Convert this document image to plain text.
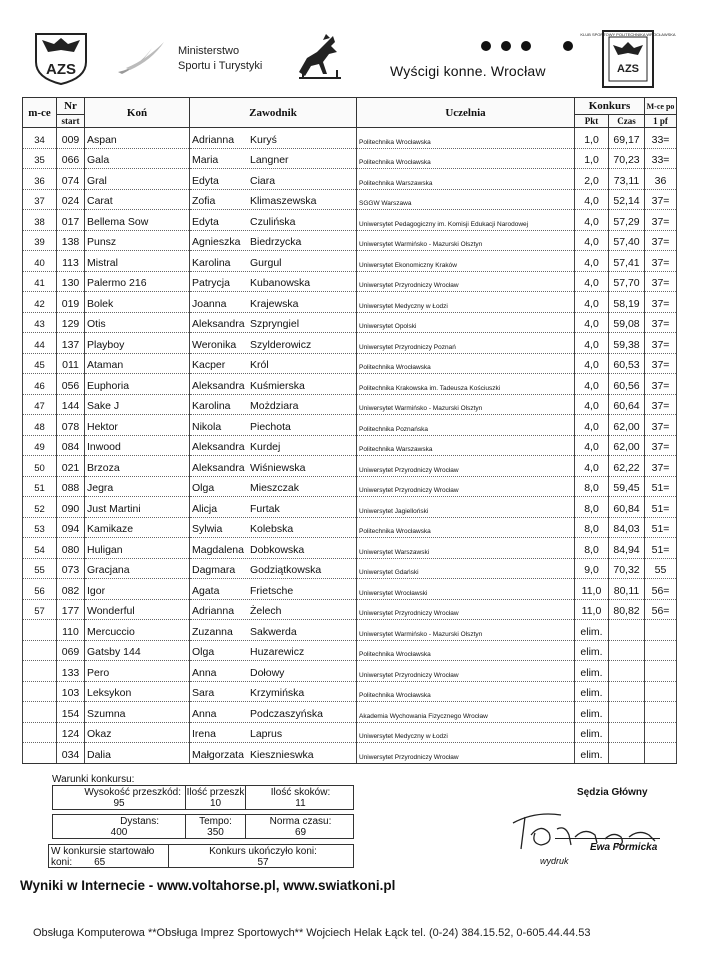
AZS
Ministerstwo
Sportu i Turystyki	Wyścigi konne. Wrocław
KLUB SPORTOWY POLITECHNIKA WROCŁAWSKA
AZS
m-ce	Nr	Koń	Zawodnik	Uczelnia	Konkurs		M-ce po	
	start				Pkt	Czas	1 pf	
34	009	Aspan	Adrianna Kuryś	Politechnika Wrocławska	1,0	69,17	33=	
35	066	Gala	Maria Langner	Politechnika Wrocławska	1,0	70,23	33=	
36	074	Gral	Edyta Ciara	Politechnika Warszawska	2,0	73,11	36	
37	024	Carat	Zofia Klimaszewska	SGGW Warszawa	4,0	52,14	37=	
38	017	Bellema Sow	Edyta Czulińska	Uniwersytet Pedagogiczny im. Komisji Edukacji Narodowej	4,0	57,29	37=	
39	138	Punsz	Agnieszka Biedrzycka	Uniwersytet Warmińsko - Mazurski Olsztyn	4,0	57,40	37=	
40	113	Mistral	Karolina Gurgul	Uniwersytet Ekonomiczny Kraków	4,0	57,41	37=	
41	130	Palermo 216	Patrycja Kubanowska	Uniwersytet Przyrodniczy Wrocław	4,0	57,70	37=	
42	019	Bolek	Joanna Krajewska	Uniwersytet Medyczny w Łodzi	4,0	58,19	37=	
43	129	Otis	Aleksandra Szpryngiel	Uniwersytet Opolski	4,0	59,08	37=	
44	137	Playboy	Weronika Szylderowicz	Uniwersytet Przyrodniczy Poznań	4,0	59,38	37=	
45	011	Ataman	Kacper Król	Politechnika Wrocławska	4,0	60,53	37=	
46	056	Euphoria	Aleksandra Kuśmierska	Politechnika Krakowska im. Tadeusza Kościuszki	4,0	60,56	37=	
47	144	Sake J	Karolina Możdziara	Uniwersytet Warmińsko - Mazurski Olsztyn	4,0	60,64	37=	
48	078	Hektor	Nikola Piechota	Politechnika Poznańska	4,0	62,00	37=	
49	084	Inwood	Aleksandra Kurdej	Politechnika Warszawska	4,0	62,00	37=	
50	021	Brzoza	Aleksandra Wiśniewska	Uniwersytet Przyrodniczy Wrocław	4,0	62,22	37=	
51	088	Jegra	Olga Mieszczak	Uniwersytet Przyrodniczy Wrocław	8,0	59,45	51=	
52	090	Just Martini	Alicja Furtak	Uniwersytet Jagielloński	8,0	60,84	51=	
53	094	Kamikaze	Sylwia Kolebska	Politechnika Wrocławska	8,0	84,03	51=	
54	080	Huligan	Magdalena Dobkowska	Uniwersytet Warszawski	8,0	84,94	51=	
55	073	Gracjana	Dagmara Godziątkowska	Uniwersytet Gdański	9,0	70,32	55	
56	082	Igor	Agata Frietsche	Uniwersytet Wrocławski	11,0	80,11	56=	
57	177	Wonderful	Adrianna Żelech	Uniwersytet Przyrodniczy Wrocław	11,0	80,82	56=	
	110	Mercuccio	Zuzanna Sakwerda	Uniwersytet Warmińsko - Mazurski Olsztyn	elim.			
	069	Gatsby 144	Olga Huzarewicz	Politechnika Wrocławska	elim.			
	133	Pero	Anna Dołowy	Uniwersytet Przyrodniczy Wrocław	elim.			
	103	Leksykon	Sara Krzymińska	Politechnika Wrocławska	elim.			
	154	Szumna	Anna Podczaszyńska	Akademia Wychowania Fizycznego Wrocław	elim.			
	124	Okaz	Irena Laprus	Uniwersytet Medyczny w Łodzi	elim.			
	034	Dalia	Małgorzata Kiesznieswka	Uniwersytet Przyrodniczy Wrocław	elim.			
Warunki konkursu:
Wysokość przeszkód:
95
Ilość przeszk
10
Ilość skoków:
11
Dystans:
400
Tempo:
350
Norma czasu:
69
W konkursie startowało
koni: 65
Konkurs ukończyło koni:
57
Sędzia Główny
Ewa Formicka
wydruk
Wyniki w Internecie - www.voltahorse.pl, www.swiatkoni.pl
Obsługa Komputerowa **Obsługa Imprez Sportowych** Wojciech Helak Łąck tel. (0-24) 384.15.52, 0-605.44.44.53
